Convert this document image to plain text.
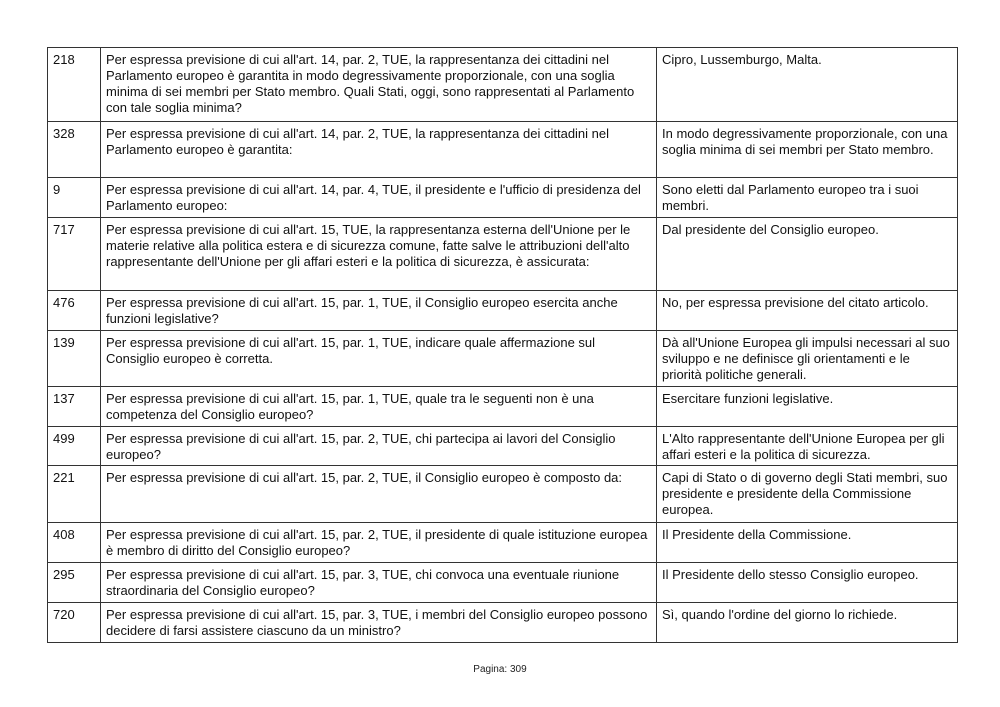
218	Per espressa previsione di cui all'art. 14, par. 2, TUE, la rappresentanza dei cittadini nel Parlamento europeo è garantita in modo degressivamente proporzionale, con una soglia minima di sei membri per Stato membro. Quali Stati, oggi, sono rappresentati al Parlamento con tale soglia minima?	Cipro, Lussemburgo, Malta.
328	Per espressa previsione di cui all'art. 14, par. 2, TUE, la rappresentanza dei cittadini nel Parlamento europeo è garantita:	In modo degressivamente proporzionale, con una soglia minima di sei membri per Stato membro.
9	Per espressa previsione di cui all'art. 14, par. 4, TUE, il presidente e l'ufficio di presidenza del Parlamento europeo:	Sono eletti dal Parlamento europeo tra i suoi membri.
717	Per espressa previsione di cui all'art. 15, TUE, la rappresentanza esterna dell'Unione per le materie relative alla politica estera e di sicurezza comune, fatte salve le attribuzioni dell'alto rappresentante dell'Unione per gli affari esteri e la politica di sicurezza, è assicurata:	Dal presidente del Consiglio europeo.
476	Per espressa previsione di cui all'art. 15, par. 1, TUE, il Consiglio europeo esercita anche funzioni legislative?	No, per espressa previsione del citato articolo.
139	Per espressa previsione di cui all'art. 15, par. 1, TUE, indicare quale affermazione sul Consiglio europeo è corretta.	Dà all'Unione Europea gli impulsi necessari al suo sviluppo e ne definisce gli orientamenti e le priorità politiche generali.
137	Per espressa previsione di cui all'art. 15, par. 1, TUE, quale tra le seguenti non è una competenza del Consiglio europeo?	Esercitare funzioni legislative.
499	Per espressa previsione di cui all'art. 15, par. 2, TUE, chi partecipa ai lavori del Consiglio europeo?	L'Alto rappresentante dell'Unione Europea per gli affari esteri e la politica di sicurezza.
221	Per espressa previsione di cui all'art. 15, par. 2, TUE, il Consiglio europeo è composto da:	Capi di Stato o di governo degli Stati membri, suo presidente e presidente della Commissione europea.
408	Per espressa previsione di cui all'art. 15, par. 2, TUE, il presidente di quale istituzione europea è membro di diritto del Consiglio europeo?	Il Presidente della Commissione.
295	Per espressa previsione di cui all'art. 15, par. 3, TUE, chi convoca una eventuale riunione straordinaria del Consiglio europeo?	Il Presidente dello stesso Consiglio europeo.
720	Per espressa previsione di cui all'art. 15, par. 3, TUE, i membri del Consiglio europeo possono decidere di farsi assistere ciascuno da un ministro?	Sì, quando l'ordine del giorno lo richiede.
Pagina: 309
